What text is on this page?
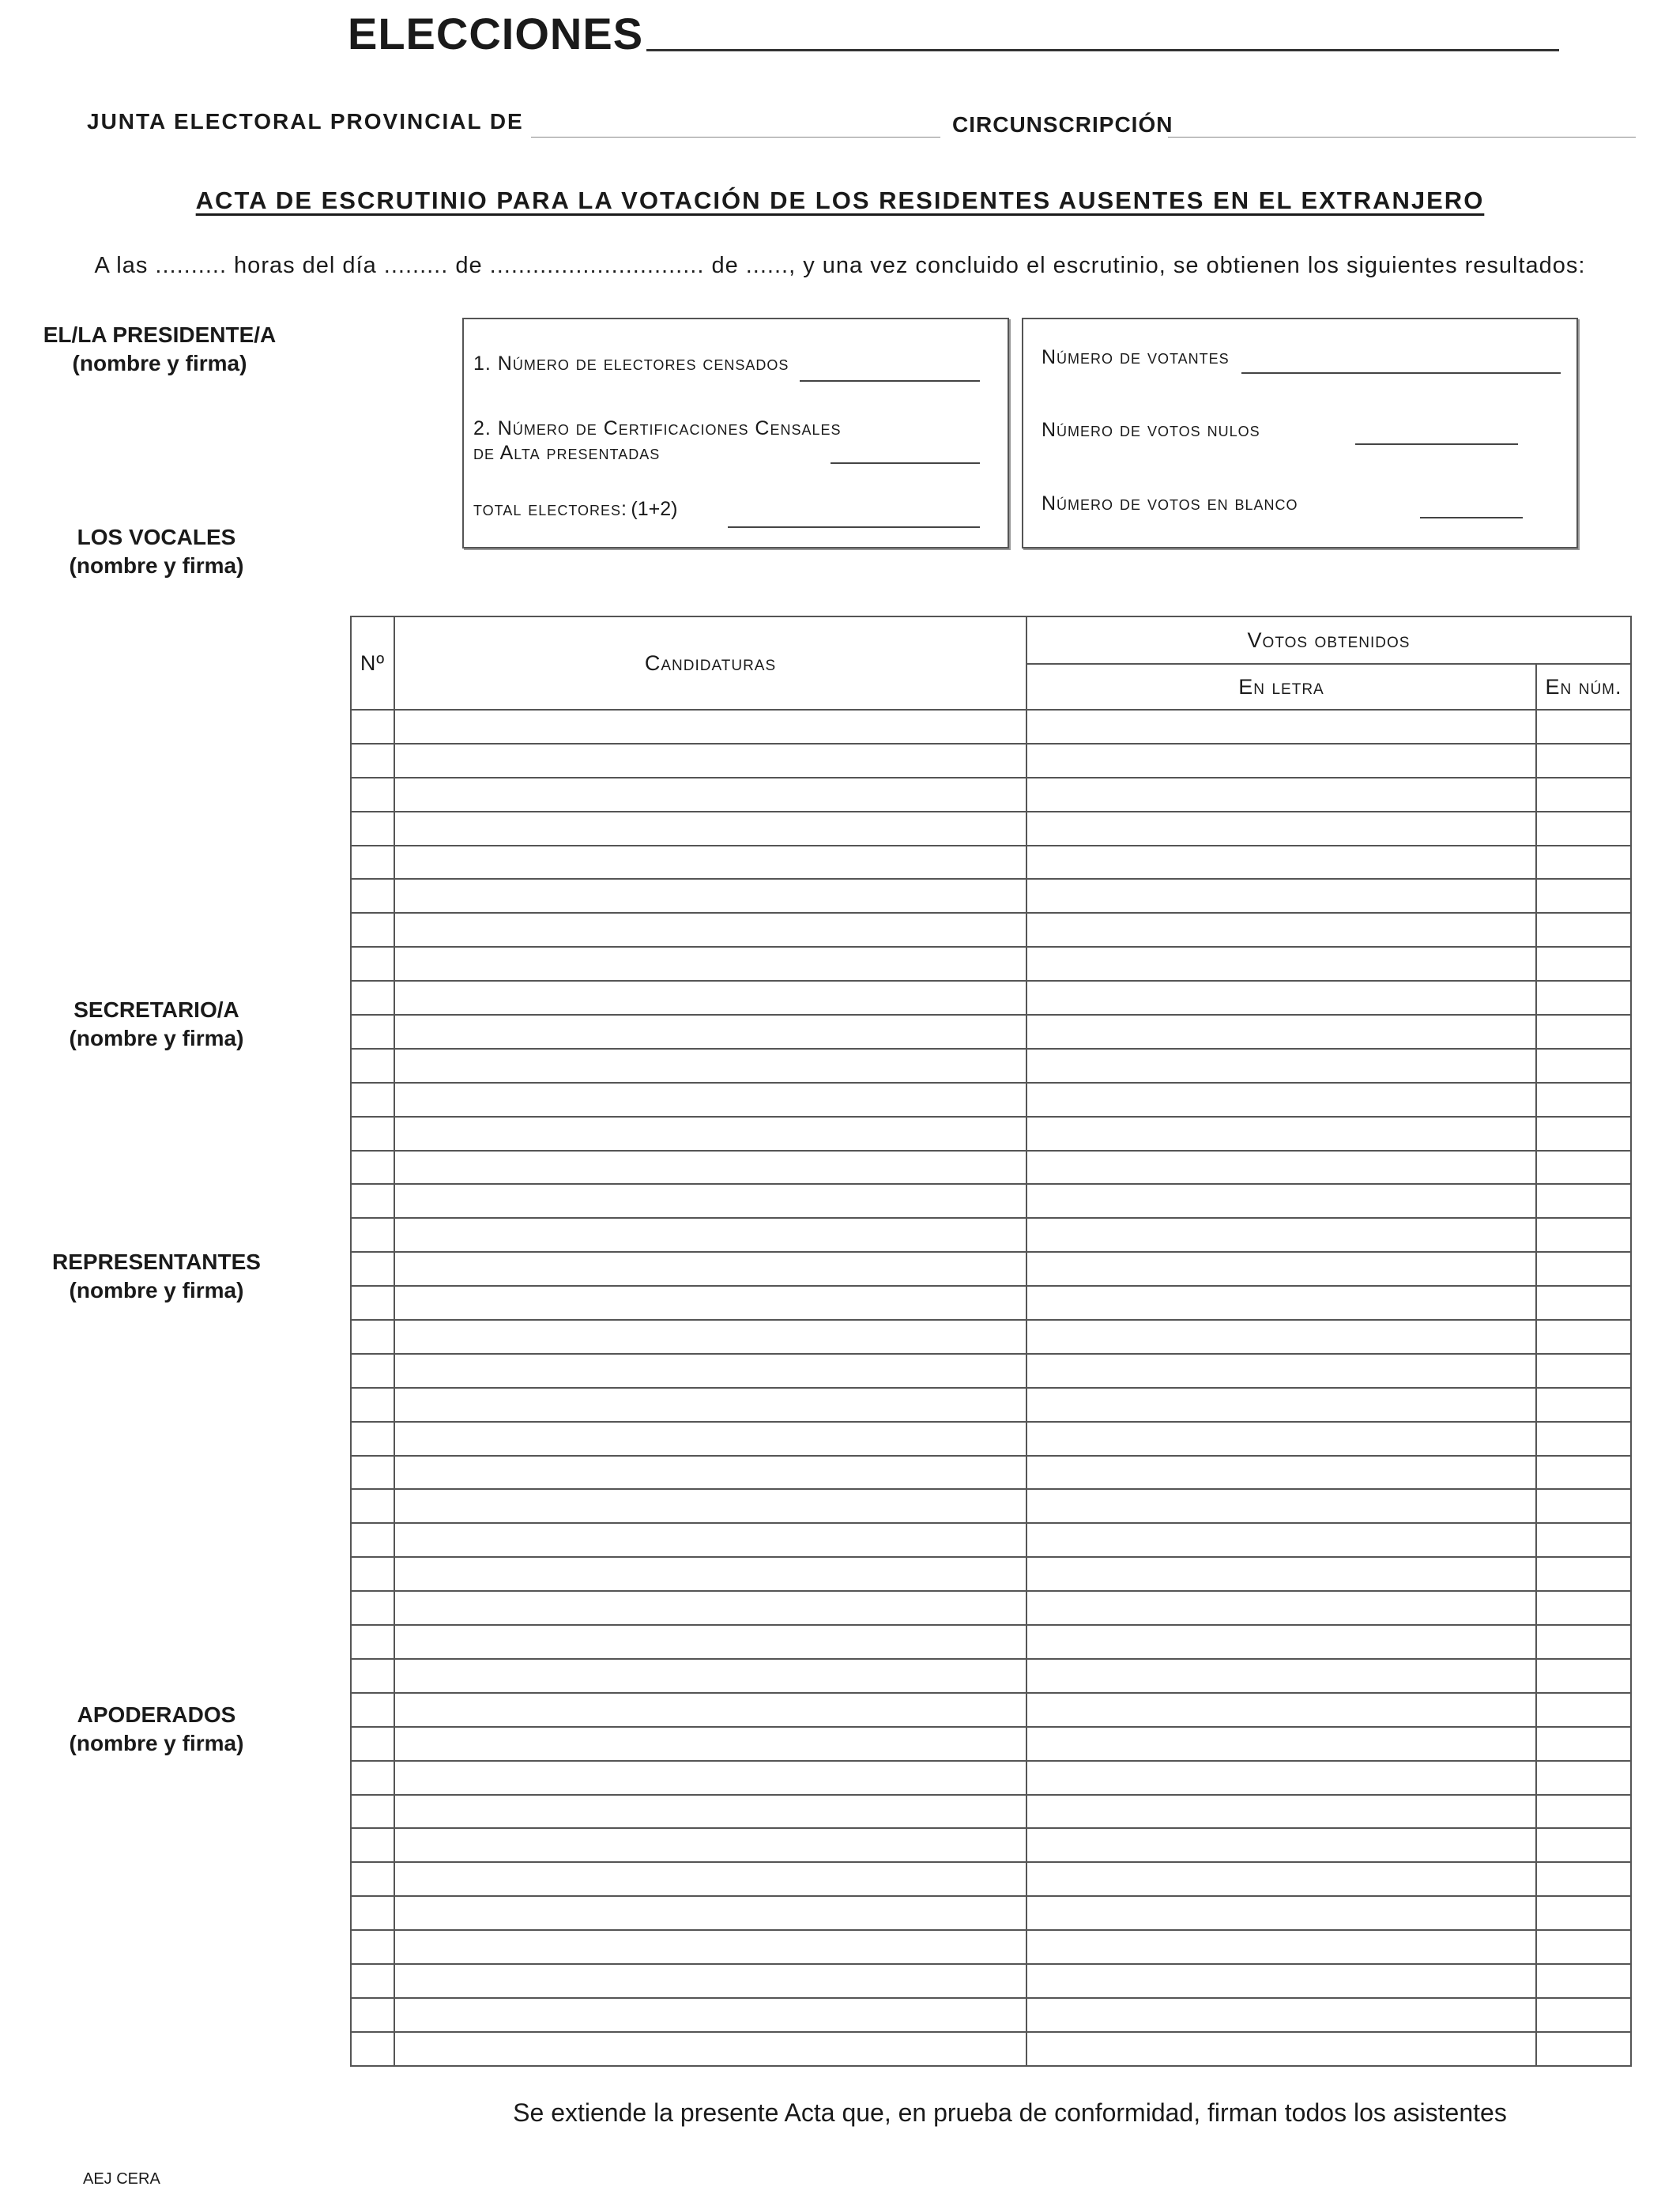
ELECCIONES
JUNTA ELECTORAL PROVINCIAL DE	CIRCUNSCRIPCIÓN
ACTA DE ESCRUTINIO PARA LA VOTACIÓN DE LOS RESIDENTES AUSENTES EN EL EXTRANJERO
A las .......... horas del día ......... de .............................. de ......, y una vez concluido el escrutinio, se obtienen los siguientes resultados:
EL/LA PRESIDENTE/A
(nombre y firma)
LOS VOCALES
(nombre y firma)
SECRETARIO/A
(nombre y firma)
REPRESENTANTES
(nombre y firma)
APODERADOS
(nombre y firma)
1. Número de electores censados
2. Número de Certificaciones Censales
de Alta presentadas
total electores: (1+2)
Número de votantes
Número de votos nulos
Número de votos en blanco
Nº	Candidaturas	Votos obtenidos	
		En letra	En núm.

Se extiende la presente Acta que, en prueba de conformidad, firman todos los asistentes
AEJ CERA
